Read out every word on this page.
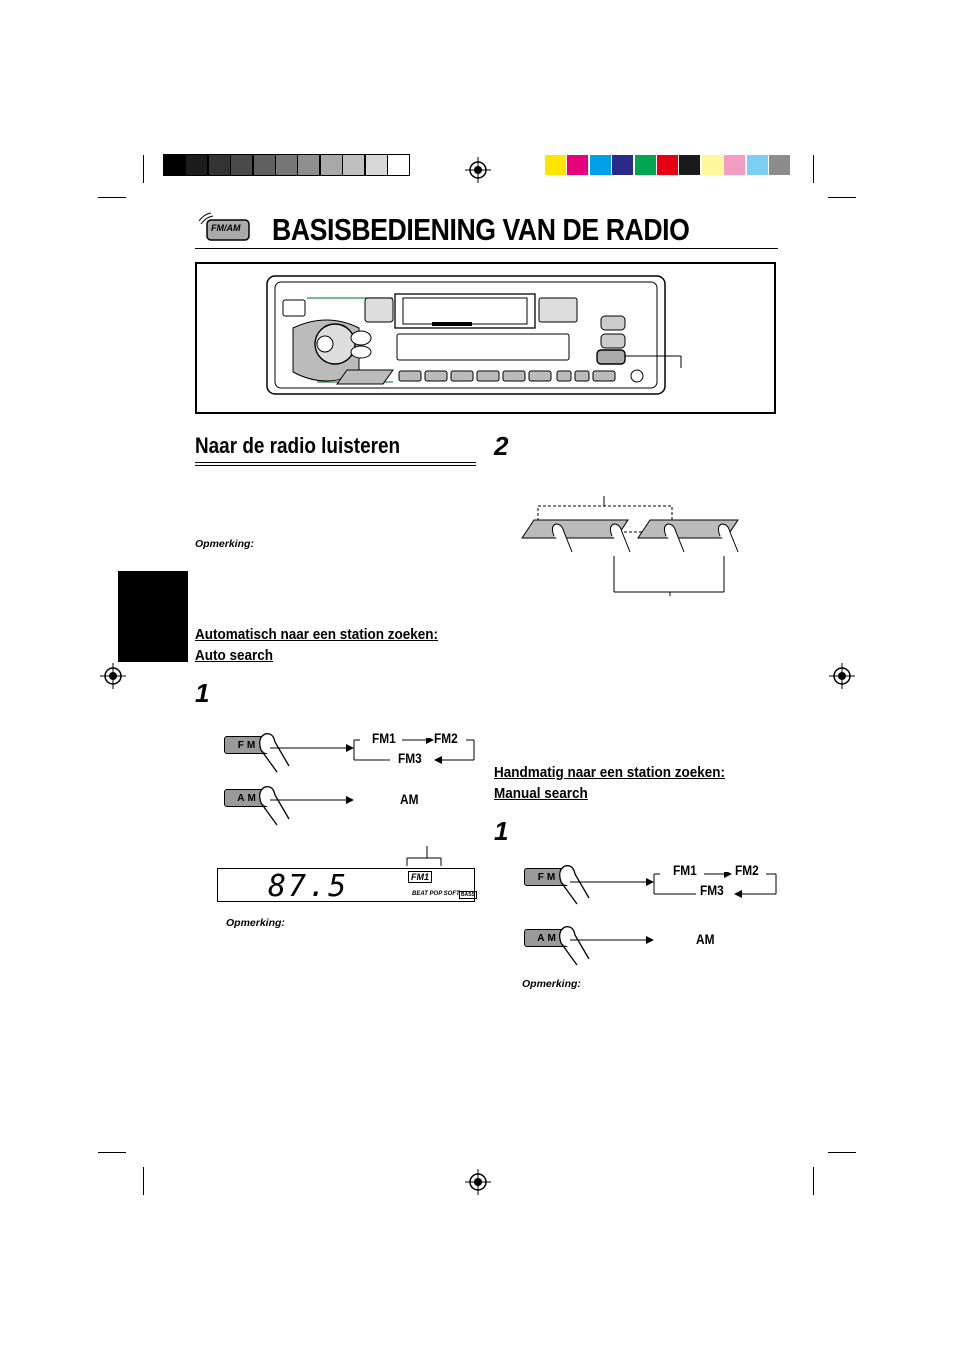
FM/AM BASISBEDIENING VAN DE RADIO
Naar de radio luisteren
Opmerking:
Automatisch naar een station zoeken:
Auto search
1
FM
AM
FM1	FM2
FM3
AM
87.5	FM1
BEAT POP SOFT BASS
Opmerking:
2
Handmatig naar een station zoeken:
Manual search
1
FM
AM
FM1	FM2
FM3
AM
Opmerking:
